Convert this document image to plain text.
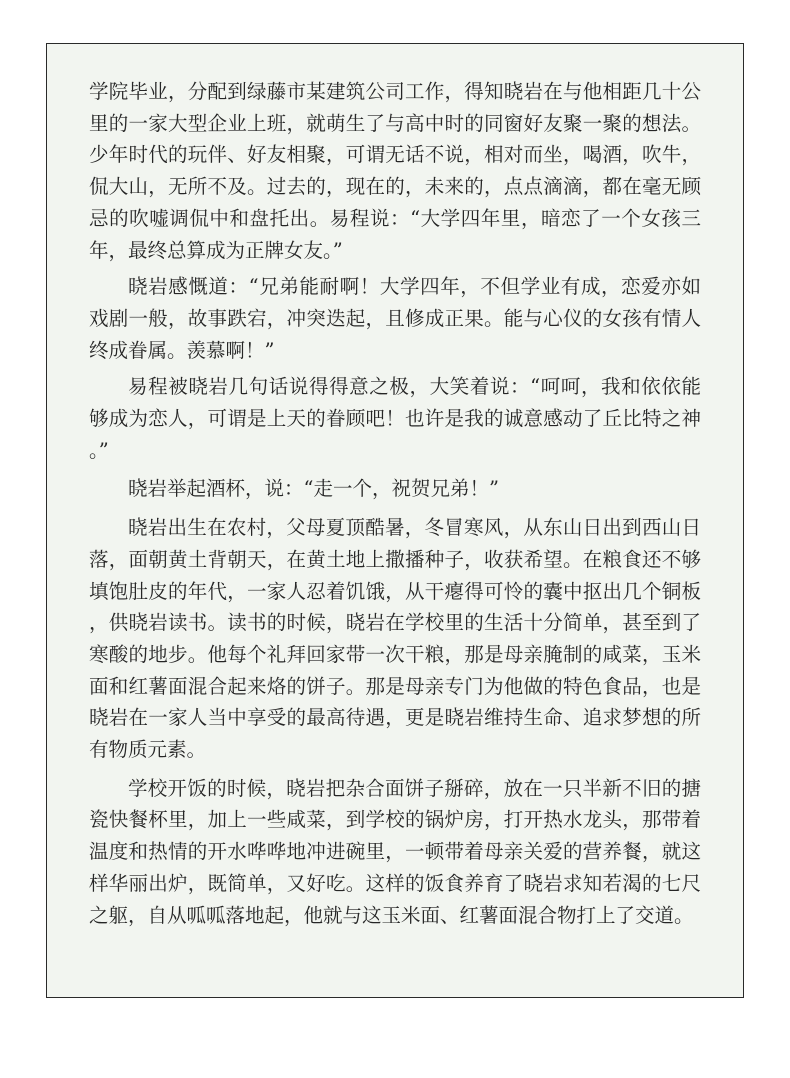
学院毕业，分配到绿藤市某建筑公司工作，得知晓岩在与他相距几十公里的一家大型企业上班，就萌生了与高中时的同窗好友聚一聚的想法。少年时代的玩伴、好友相聚，可谓无话不说，相对而坐，喝酒，吹牛，侃大山，无所不及。过去的，现在的，未来的，点点滴滴，都在毫无顾忌的吹嘘调侃中和盘托出。易程说：“大学四年里，暗恋了一个女孩三年，最终总算成为正牌女友。”

晓岩感慨道：“兄弟能耐啊！大学四年，不但学业有成，恋爱亦如戏剧一般，故事跌宕，冲突迭起，且修成正果。能与心仪的女孩有情人终成眷属。羡慕啊！”

易程被晓岩几句话说得得意之极，大笑着说：“呵呵，我和依依能够成为恋人，可谓是上天的眷顾吧！也许是我的诚意感动了丘比特之神。”

晓岩举起酒杯，说：“走一个，祝贺兄弟！”

晓岩出生在农村，父母夏顶酷暑，冬冒寒风，从东山日出到西山日落，面朝黄土背朝天，在黄土地上撒播种子，收获希望。在粮食还不够填饱肚皮的年代，一家人忍着饥饿，从干瘪得可怜的囊中抠出几个铜板，供晓岩读书。读书的时候，晓岩在学校里的生活十分简单，甚至到了寒酸的地步。他每个礼拜回家带一次干粮，那是母亲腌制的咸菜，玉米面和红薯面混合起来烙的饼子。那是母亲专门为他做的特色食品，也是晓岩在一家人当中享受的最高待遇，更是晓岩维持生命、追求梦想的所有物质元素。

学校开饭的时候，晓岩把杂合面饼子掰碎，放在一只半新不旧的搪瓷快餐杯里，加上一些咸菜，到学校的锅炉房，打开热水龙头，那带着温度和热情的开水哗哗地冲进碗里，一顿带着母亲关爱的营养餐，就这样华丽出炉，既简单，又好吃。这样的饭食养育了晓岩求知若渴的七尺之躯，自从呱呱落地起，他就与这玉米面、红薯面混合物打上了交道。
